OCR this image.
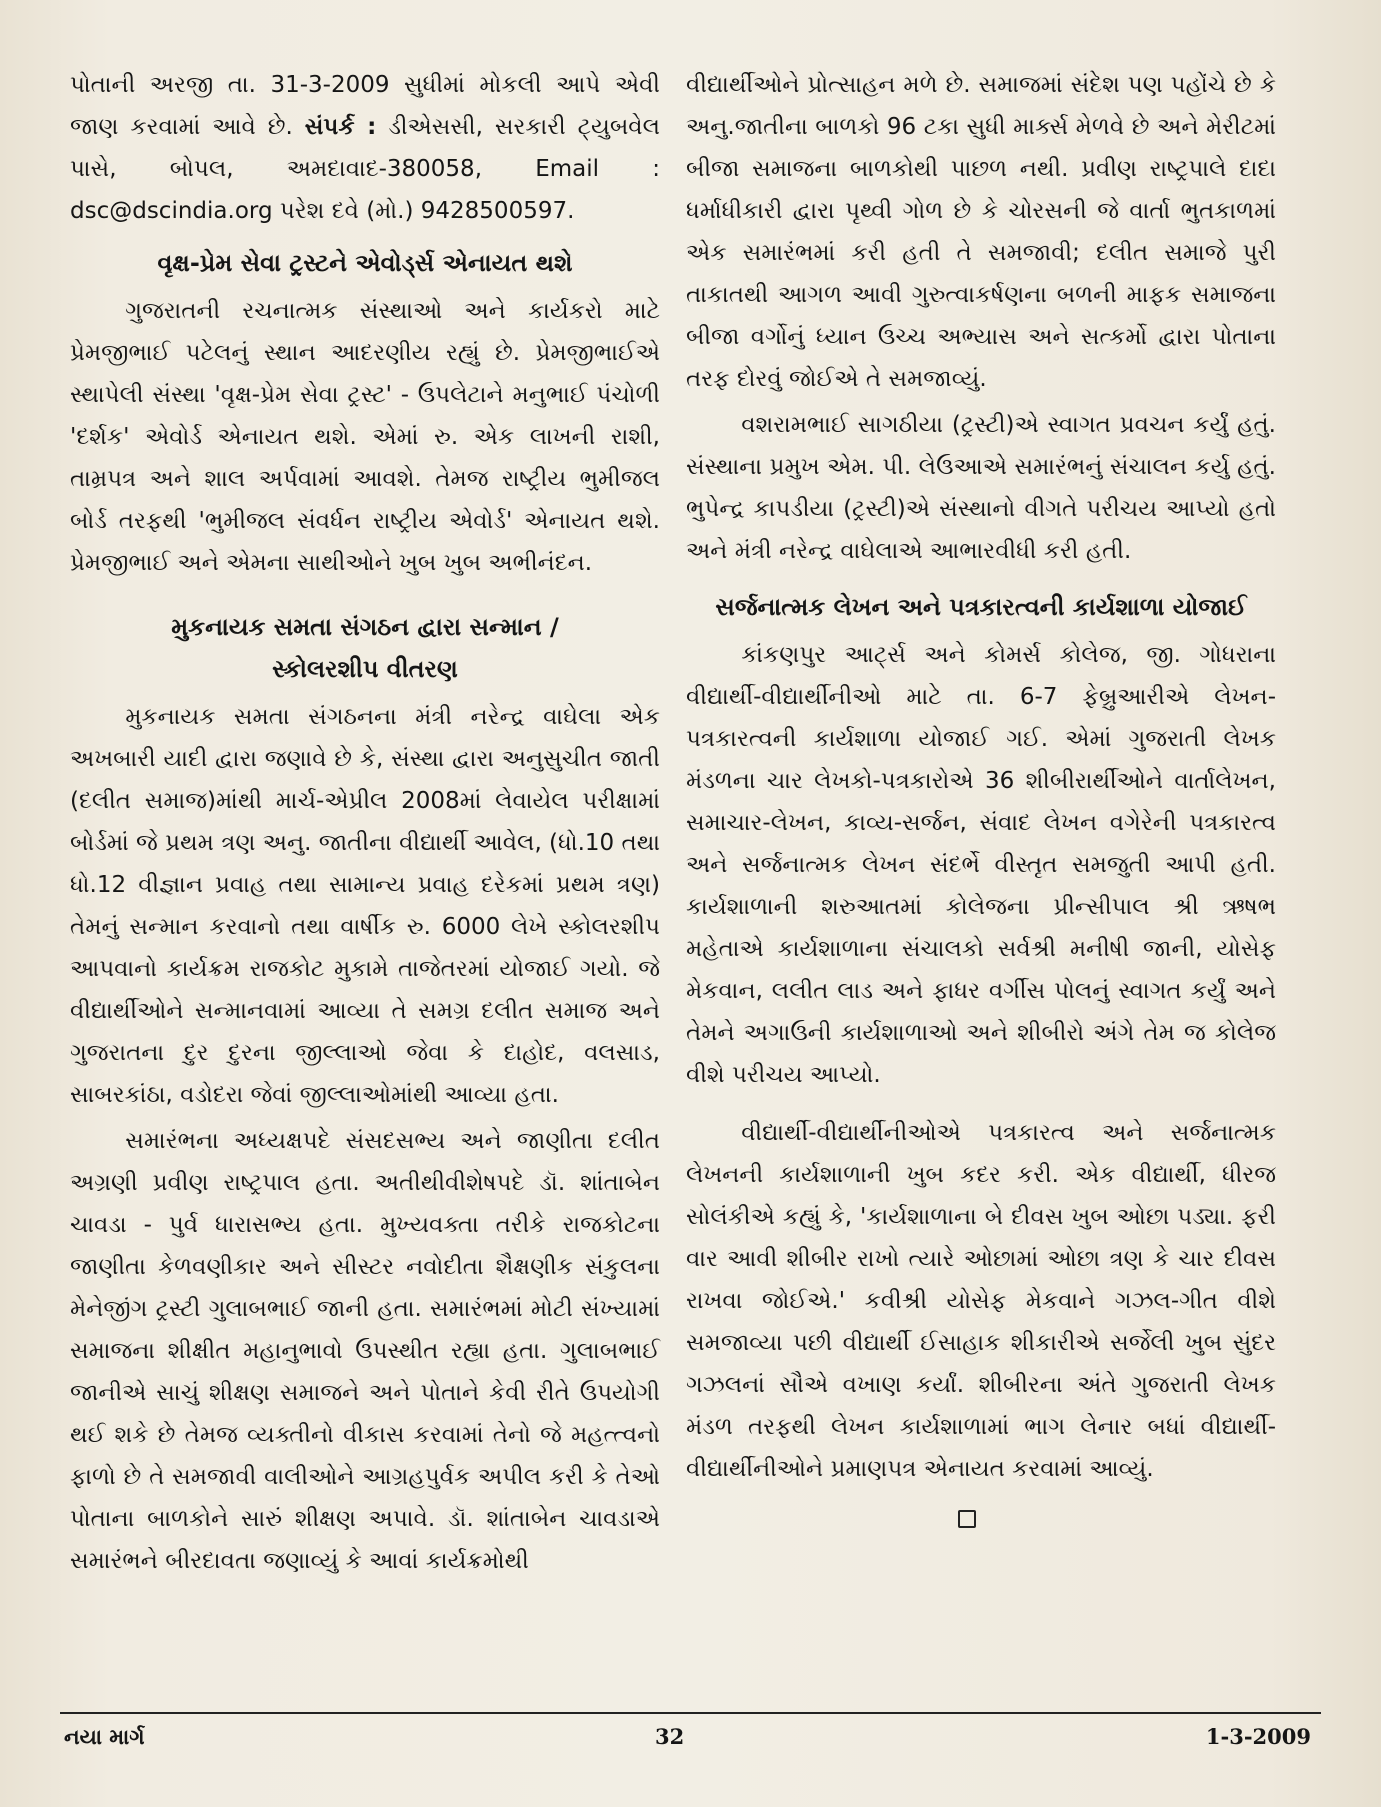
પોતાની અરજી તા. 31-3-2009 સુધીમાં મોકલી આપે એવી જાણ કરવામાં આવે છે. સંપર્ક : ડીએસસી, સરકારી ટ્યુબવેલ પાસે, બોપલ, અમદાવાદ-380058, Email : dsc@dscindia.org પરેશ દવે (મો.) 9428500597.

વૃક્ષ-પ્રેમ સેવા ટ્રસ્ટને એવોર્ડ્સ એનાયત થશે

ગુજરાતની રચનાત્મક સંસ્થાઓ અને કાર્યકરો માટે પ્રેમજીભાઈ પટેલનું સ્થાન આદરણીય રહ્યું છે. પ્રેમજીભાઈએ સ્થાપેલી સંસ્થા 'વૃક્ષ-પ્રેમ સેવા ટ્રસ્ટ' - ઉપલેટાને મનુભાઈ પંચોળી 'દર્શક' એવોર્ડ એનાયત થશે. એમાં રુ. એક લાખની રાશી, તામ્રપત્ર અને શાલ અર્પવામાં આવશે. તેમજ રાષ્ટ્રીય ભુમીજલ બોર્ડ તરફથી 'ભુમીજલ સંવર્ધન રાષ્ટ્રીય એવોર્ડ' એનાયત થશે. પ્રેમજીભાઈ અને એમના સાથીઓને ખુબ ખુબ અભીનંદન.

મુકનાયક સમતા સંગઠન દ્વારા સન્માન /
સ્કોલરશીપ વીતરણ

મુકનાયક સમતા સંગઠનના મંત્રી નરેન્દ્ર વાઘેલા એક અખબારી યાદી દ્વારા જણાવે છે કે, સંસ્થા દ્વારા અનુસુચીત જાતી (દલીત સમાજ)માંથી માર્ચ-એપ્રીલ 2008માં લેવાયેલ પરીક્ષામાં બોર્ડમાં જે પ્રથમ ત્રણ અનુ. જાતીના વીદ્યાર્થી આવેલ, (ધો.10 તથા ધો.12 વીજ્ઞાન પ્રવાહ તથા સામાન્ય પ્રવાહ દરેકમાં પ્રથમ ત્રણ) તેમનું સન્માન કરવાનો તથા વાર્ષીક રુ. 6000 લેખે સ્કોલરશીપ આપવાનો કાર્યક્રમ રાજકોટ મુકામે તાજેતરમાં યોજાઈ ગયો. જે વીદ્યાર્થીઓને સન્માનવામાં આવ્યા તે સમગ્ર દલીત સમાજ અને ગુજરાતના દુર દુરના જીલ્લાઓ જેવા કે દાહોદ, વલસાડ, સાબરકાંઠા, વડોદરા જેવાં જીલ્લાઓમાંથી આવ્યા હતા.

સમારંભના અધ્યક્ષપદે સંસદસભ્ય અને જાણીતા દલીત અગ્રણી પ્રવીણ રાષ્ટ્રપાલ હતા. અતીથીવીશેષપદે ડૉ. શાંતાબેન ચાવડા - પુર્વ ધારાસભ્ય હતા. મુખ્યવક્તા તરીકે રાજકોટના જાણીતા કેળવણીકાર અને સીસ્ટર નવોદીતા શૈક્ષણીક સંકુલના મેનેજીંગ ટ્રસ્ટી ગુલાબભાઈ જાની હતા. સમારંભમાં મોટી સંખ્યામાં સમાજના શીક્ષીત મહાનુભાવો ઉપસ્થીત રહ્યા હતા. ગુલાબભાઈ જાનીએ સાચું શીક્ષણ સમાજને અને પોતાને કેવી રીતે ઉપયોગી થઈ શકે છે તેમજ વ્યક્તીનો વીકાસ કરવામાં તેનો જે મહત્ત્વનો ફાળો છે તે સમજાવી વાલીઓને આગ્રહપુર્વક અપીલ કરી કે તેઓ પોતાના બાળકોને સારું શીક્ષણ અપાવે. ડૉ. શાંતાબેન ચાવડાએ સમારંભને બીરદાવતા જણાવ્યું કે આવાં કાર્યક્રમોથી

વીદ્યાર્થીઓને પ્રોત્સાહન મળે છે. સમાજમાં સંદેશ પણ પહોંચે છે કે અનુ.જાતીના બાળકો 96 ટકા સુધી માર્ક્સ મેળવે છે અને મેરીટમાં બીજા સમાજના બાળકોથી પાછળ નથી. પ્રવીણ રાષ્ટ્રપાલે દાદા ધર્માધીકારી દ્વારા પૃથ્વી ગોળ છે કે ચોરસની જે વાર્તા ભુતકાળમાં એક સમારંભમાં કરી હતી તે સમજાવી; દલીત સમાજે પુરી તાકાતથી આગળ આવી ગુરુત્વાકર્ષણના બળની માફક સમાજના બીજા વર્ગોનું ધ્યાન ઉચ્ચ અભ્યાસ અને સત્કર્મો દ્વારા પોતાના તરફ દોરવું જોઈએ તે સમજાવ્યું.

વશરામભાઈ સાગઠીયા (ટ્રસ્ટી)એ સ્વાગત પ્રવચન કર્યું હતું. સંસ્થાના પ્રમુખ એમ. પી. લેઉઆએ સમારંભનું સંચાલન કર્યુ હતું. ભુપેન્દ્ર કાપડીયા (ટ્રસ્ટી)એ સંસ્થાનો વીગતે પરીચય આપ્યો હતો અને મંત્રી નરેન્દ્ર વાઘેલાએ આભારવીધી કરી હતી.

સર્જનાત્મક લેખન અને પત્રકારત્વની કાર્યશાળા યોજાઈ

કાંકણપુર આર્ટ્સ અને કોમર્સ કોલેજ, જી. ગોધરાના વીદ્યાર્થી-વીદ્યાર્થીનીઓ માટે તા. 6-7 ફેબ્રુઆરીએ લેખન-પત્રકારત્વની કાર્યશાળા યોજાઈ ગઈ. એમાં ગુજરાતી લેખક મંડળના ચાર લેખકો-પત્રકારોએ 36 શીબીરાર્થીઓને વાર્તાલેખન, સમાચાર-લેખન, કાવ્ય-સર્જન, સંવાદ લેખન વગેરેની પત્રકારત્વ અને સર્જનાત્મક લેખન સંદર્ભે વીસ્તૃત સમજુતી આપી હતી. કાર્યશાળાની શરુઆતમાં કોલેજના પ્રીન્સીપાલ શ્રી ઋષભ મહેતાએ કાર્યશાળાના સંચાલકો સર્વશ્રી મનીષી જાની, યોસેફ મેકવાન, લલીત લાડ અને ફાધર વર્ગીસ પોલનું સ્વાગત કર્યું અને તેમને અગાઉની કાર્યશાળાઓ અને શીબીરો અંગે તેમ જ કોલેજ વીશે પરીચય આપ્યો.

વીદ્યાર્થી-વીદ્યાર્થીનીઓએ પત્રકારત્વ અને સર્જનાત્મક લેખનની કાર્યશાળાની ખુબ કદર કરી. એક વીદ્યાર્થી, ધીરજ સોલંકીએ કહ્યું કે, 'કાર્યશાળાના બે દીવસ ખુબ ઓછા પડ્યા. ફરી વાર આવી શીબીર રાખો ત્યારે ઓછામાં ઓછા ત્રણ કે ચાર દીવસ રાખવા જોઈએ.' કવીશ્રી યોસેફ મેકવાને ગઝલ-ગીત વીશે સમજાવ્યા પછી વીદ્યાર્થી ઈસાહાક શીકારીએ સર્જેલી ખુબ સુંદર ગઝલનાં સૌએ વખાણ કર્યાં. શીબીરના અંતે ગુજરાતી લેખક મંડળ તરફથી લેખન કાર્યશાળામાં ભાગ લેનાર બધાં વીદ્યાર્થી-વીદ્યાર્થીનીઓને પ્રમાણપત્ર એનાયત કરવામાં આવ્યું.

નયા માર્ગ	32	1-3-2009
